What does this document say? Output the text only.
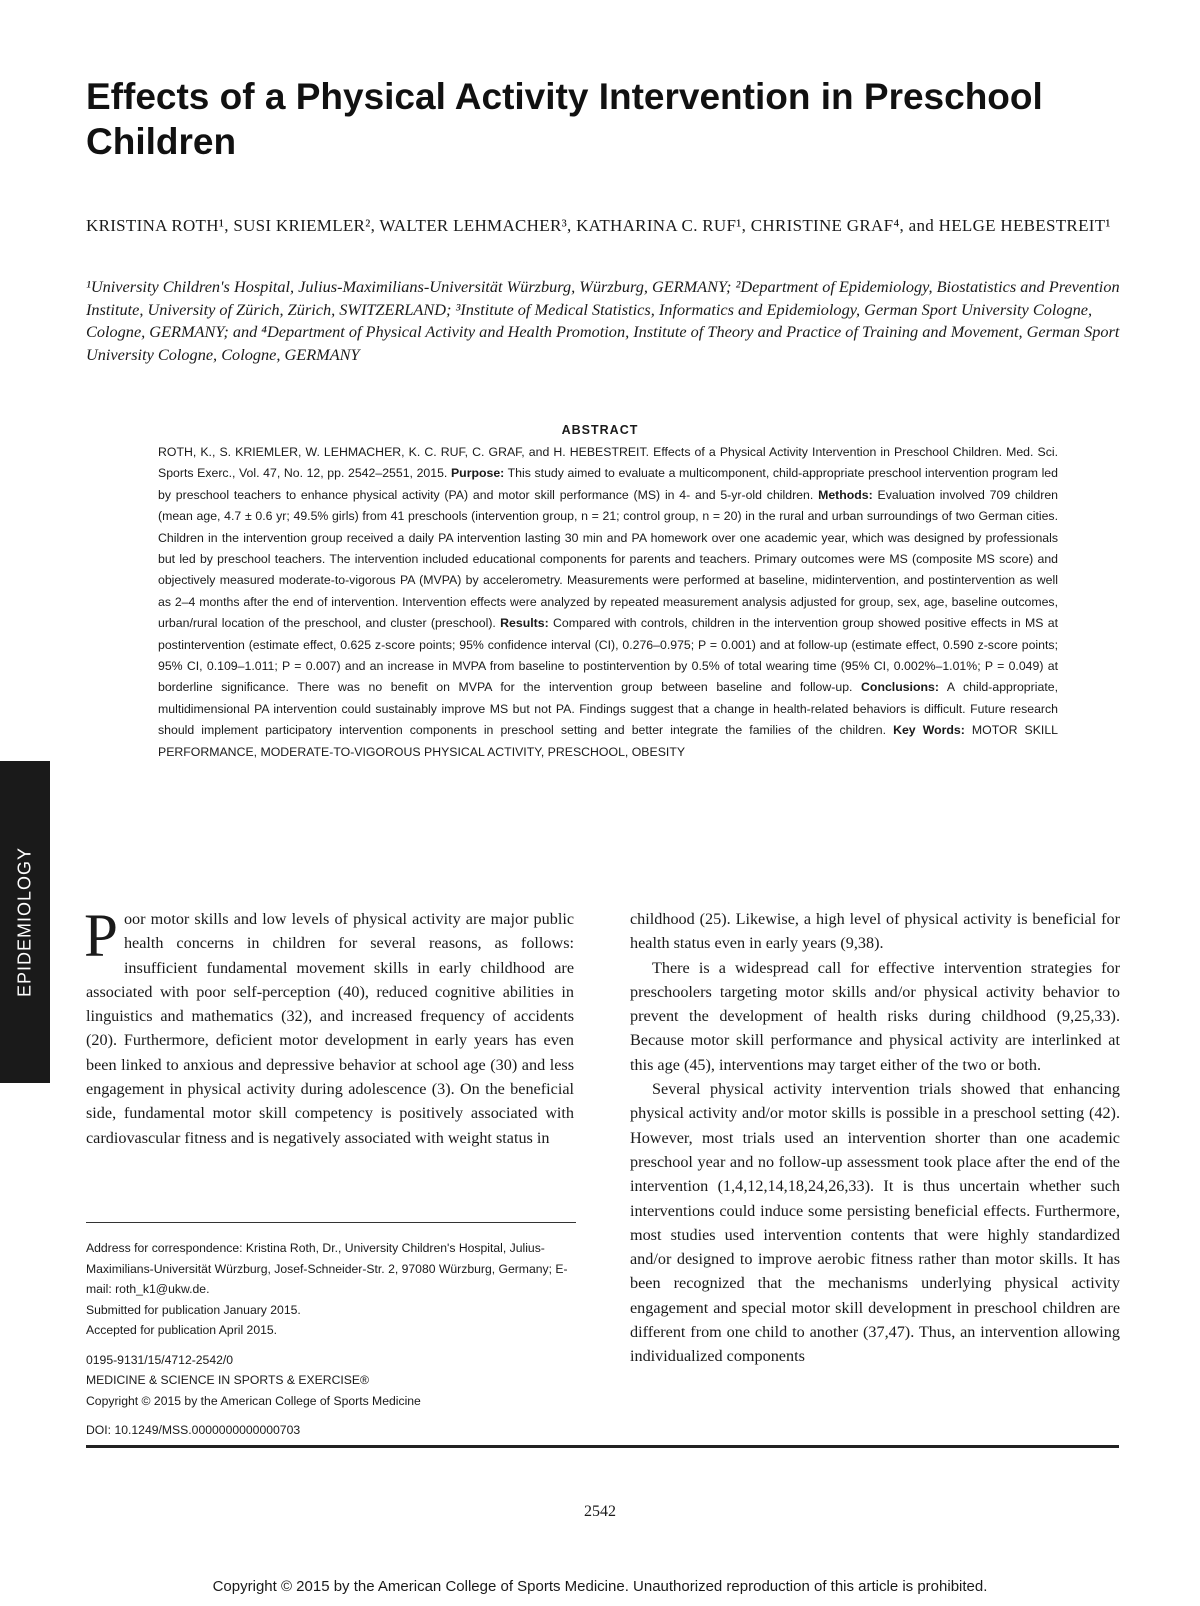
Effects of a Physical Activity Intervention in Preschool Children
KRISTINA ROTH¹, SUSI KRIEMLER², WALTER LEHMACHER³, KATHARINA C. RUF¹, CHRISTINE GRAF⁴, and HELGE HEBESTREIT¹
¹University Children's Hospital, Julius-Maximilians-Universität Würzburg, Würzburg, GERMANY; ²Department of Epidemiology, Biostatistics and Prevention Institute, University of Zürich, Zürich, SWITZERLAND; ³Institute of Medical Statistics, Informatics and Epidemiology, German Sport University Cologne, Cologne, GERMANY; and ⁴Department of Physical Activity and Health Promotion, Institute of Theory and Practice of Training and Movement, German Sport University Cologne, Cologne, GERMANY
ABSTRACT
ROTH, K., S. KRIEMLER, W. LEHMACHER, K. C. RUF, C. GRAF, and H. HEBESTREIT. Effects of a Physical Activity Intervention in Preschool Children. Med. Sci. Sports Exerc., Vol. 47, No. 12, pp. 2542–2551, 2015. Purpose: This study aimed to evaluate a multicomponent, child-appropriate preschool intervention program led by preschool teachers to enhance physical activity (PA) and motor skill performance (MS) in 4- and 5-yr-old children. Methods: Evaluation involved 709 children (mean age, 4.7 ± 0.6 yr; 49.5% girls) from 41 preschools (intervention group, n = 21; control group, n = 20) in the rural and urban surroundings of two German cities. Children in the intervention group received a daily PA intervention lasting 30 min and PA homework over one academic year, which was designed by professionals but led by preschool teachers. The intervention included educational components for parents and teachers. Primary outcomes were MS (composite MS score) and objectively measured moderate-to-vigorous PA (MVPA) by accelerometry. Measurements were performed at baseline, midintervention, and postintervention as well as 2–4 months after the end of intervention. Intervention effects were analyzed by repeated measurement analysis adjusted for group, sex, age, baseline outcomes, urban/rural location of the preschool, and cluster (preschool). Results: Compared with controls, children in the intervention group showed positive effects in MS at postintervention (estimate effect, 0.625 z-score points; 95% confidence interval (CI), 0.276–0.975; P = 0.001) and at follow-up (estimate effect, 0.590 z-score points; 95% CI, 0.109–1.011; P = 0.007) and an increase in MVPA from baseline to postintervention by 0.5% of total wearing time (95% CI, 0.002%–1.01%; P = 0.049) at borderline significance. There was no benefit on MVPA for the intervention group between baseline and follow-up. Conclusions: A child-appropriate, multidimensional PA intervention could sustainably improve MS but not PA. Findings suggest that a change in health-related behaviors is difficult. Future research should implement participatory intervention components in preschool setting and better integrate the families of the children. Key Words: MOTOR SKILL PERFORMANCE, MODERATE-TO-VIGOROUS PHYSICAL ACTIVITY, PRESCHOOL, OBESITY
EPIDEMIOLOGY Poor motor skills and low levels of physical activity are major public health concerns in children for several reasons, as follows: insufficient fundamental movement skills in early childhood are associated with poor self-perception (40), reduced cognitive abilities in linguistics and mathematics (32), and increased frequency of accidents (20). Furthermore, deficient motor development in early years has even been linked to anxious and depressive behavior at school age (30) and less engagement in physical activity during adolescence (3). On the beneficial side, fundamental motor skill competency is positively associated with cardiovascular fitness and is negatively associated with weight status in

childhood (25). Likewise, a high level of physical activity is beneficial for health status even in early years (9,38).

There is a widespread call for effective intervention strategies for preschoolers targeting motor skills and/or physical activity behavior to prevent the development of health risks during childhood (9,25,33). Because motor skill performance and physical activity are interlinked at this age (45), interventions may target either of the two or both.

Several physical activity intervention trials showed that enhancing physical activity and/or motor skills is possible in a preschool setting (42). However, most trials used an intervention shorter than one academic preschool year and no follow-up assessment took place after the end of the intervention (1,4,12,14,18,24,26,33). It is thus uncertain whether such interventions could induce some persisting beneficial effects. Furthermore, most studies used intervention contents that were highly standardized and/or designed to improve aerobic fitness rather than motor skills. It has been recognized that the mechanisms underlying physical activity engagement and special motor skill development in preschool children are different from one child to another (37,47). Thus, an intervention allowing individualized components

Address for correspondence: Kristina Roth, Dr., University Children's Hospital, Julius-Maximilians-Universität Würzburg, Josef-Schneider-Str. 2, 97080 Würzburg, Germany; E-mail: roth_k1@ukw.de.
Submitted for publication January 2015.
Accepted for publication April 2015.
0195-9131/15/4712-2542/0
MEDICINE & SCIENCE IN SPORTS & EXERCISE®
Copyright © 2015 by the American College of Sports Medicine
DOI: 10.1249/MSS.0000000000000703
2542
Copyright © 2015 by the American College of Sports Medicine. Unauthorized reproduction of this article is prohibited.
